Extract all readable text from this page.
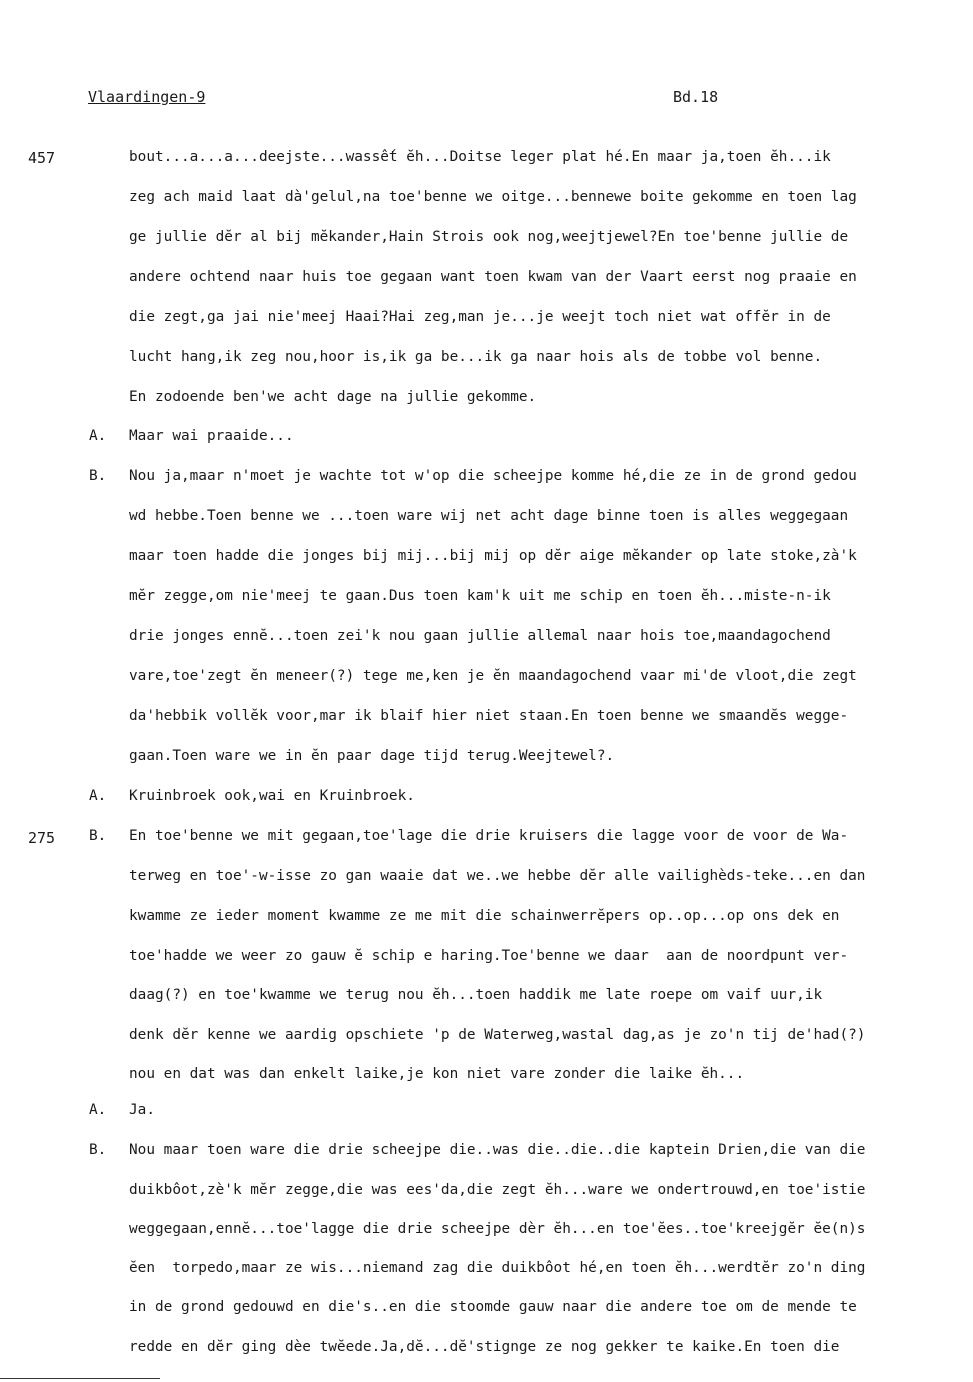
Vlaardingen-9	Bd.18
457
275
A.
B.
A.
B.
A.
B.
bout...a...a...deejste...wassết ĕh...Doitse leger plat hé.En maar ja,toen ĕh...ik
zeg ach maid laat dà'gelul,na toe'benne we oitge...bennewe boite gekomme en toen lag
ge jullie dĕr al bij mĕkander,Hain Strois ook nog,weejtjewel?En toe'benne jullie de
andere ochtend naar huis toe gegaan want toen kwam van der Vaart eerst nog praaie en
die zegt,ga jai nie'meej Haai?Hai zeg,man je...je weejt toch niet wat offĕr in de
lucht hang,ik zeg nou,hoor is,ik ga be...ik ga naar hois als de tobbe vol benne.
En zodoende ben'we acht dage na jullie gekomme.
Maar wai praaide...
Nou ja,maar n'moet je wachte tot w'op die scheejpe komme hé,die ze in de grond gedou
wd hebbe.Toen benne we ...toen ware wij net acht dage binne toen is alles weggegaan
maar toen hadde die jonges bij mij...bij mij op dĕr aige mĕkander op late stoke,zà'k
mĕr zegge,om nie'meej te gaan.Dus toen kam'k uit me schip en toen ĕh...miste-n-ik
drie jonges ennĕ...toen zei'k nou gaan jullie allemal naar hois toe,maandagochend
vare,toe'zegt ĕn meneer(?) tege me,ken je ĕn maandagochend vaar mi'de vloot,die zegt
da'hebbik vollĕk voor,mar ik blaif hier niet staan.En toen benne we smaandĕs wegge-
gaan.Toen ware we in ĕn paar dage tijd terug.Weejtewel?.
Kruinbroek ook,wai en Kruinbroek.
En toe'benne we mit gegaan,toe'lage die drie kruisers die lagge voor de voor de Wa-
terweg en toe'-w-isse zo gan waaie dat we..we hebbe dĕr alle vailighèds-teke...en dan
kwamme ze ieder moment kwamme ze me mit die schainwerrĕpers op..op...op ons dek en
toe'hadde we weer zo gauw ĕ schip e haring.Toe'benne we daar  aan de noordpunt ver-
daag(?) en toe'kwamme we terug nou ĕh...toen haddik me late roepe om vaif uur,ik
denk dĕr kenne we aardig opschiete 'p de Waterweg,wastal dag,as je zo'n tij de'had(?)
nou en dat was dan enkelt laike,je kon niet vare zonder die laike ĕh...
Ja.
Nou maar toen ware die drie scheejpe die..was die..die..die kaptein Drien,die van die
duikbôot,zè'k mĕr zegge,die was ees'da,die zegt ĕh...ware we ondertrouwd,en toe'istie
weggegaan,ennĕ...toe'lagge die drie scheejpe dèr ĕh...en toe'ĕes..toe'kreejgĕr ĕe(n)s
ĕen  torpedo,maar ze wis...niemand zag die duikbôot hé,en toen ĕh...werdtĕr zo'n ding
in de grond gedouwd en die's..en die stoomde gauw naar die andere toe om de mende te
redde en dĕr ging dèe twĕede.Ja,dĕ...dĕ'stignge ze nog gekker te kaike.En toen die
